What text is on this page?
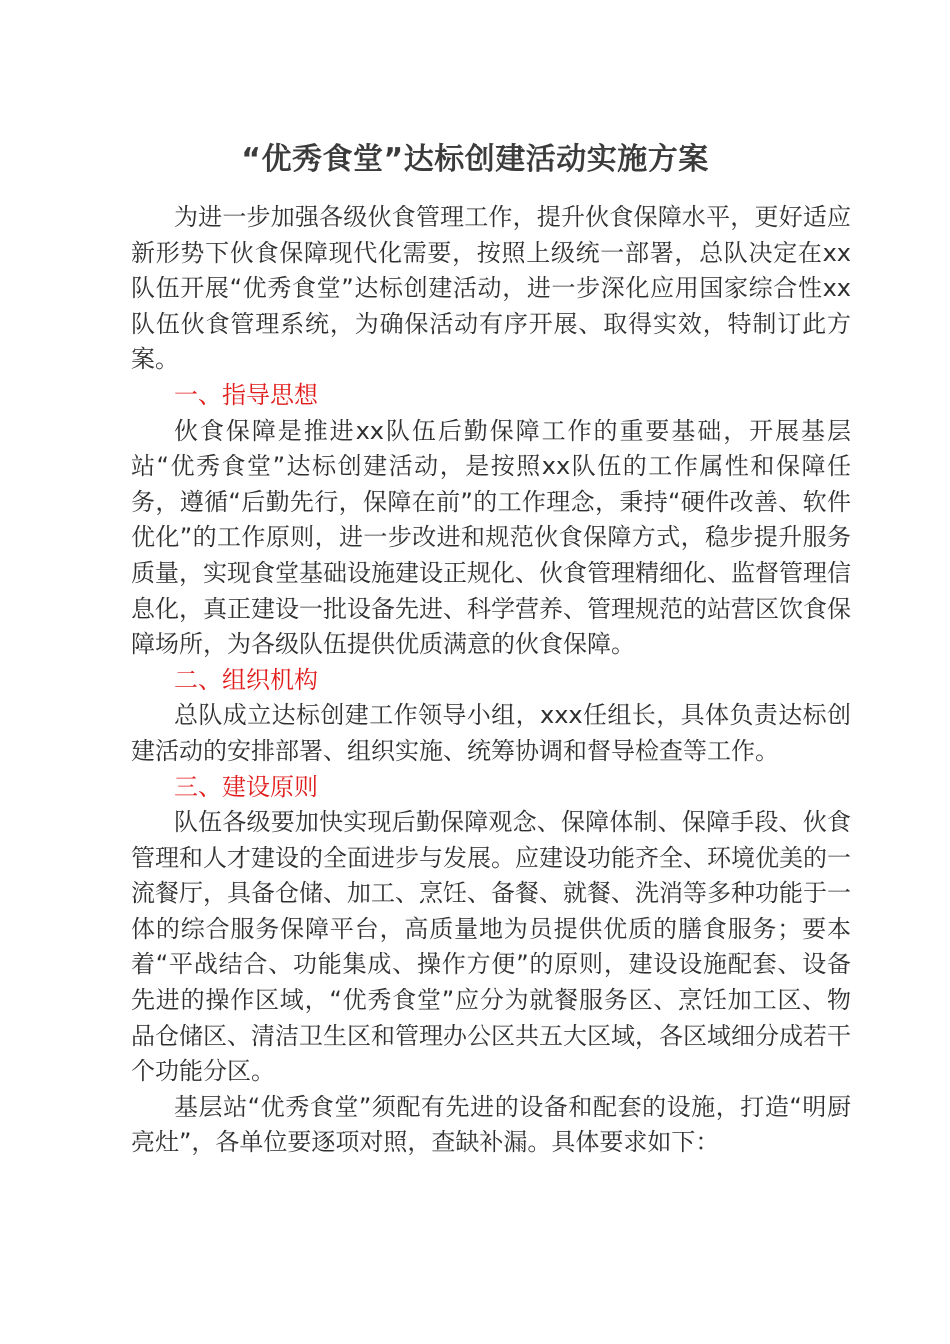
“优秀食堂”达标创建活动实施方案

为进一步加强各级伙食管理工作，提升伙食保障水平，更好适应新形势下伙食保障现代化需要，按照上级统一部署，总队决定在xx队伍开展“优秀食堂”达标创建活动，进一步深化应用国家综合性xx队伍伙食管理系统，为确保活动有序开展、取得实效，特制订此方案。

一、指导思想

伙食保障是推进xx队伍后勤保障工作的重要基础，开展基层站“优秀食堂”达标创建活动，是按照xx队伍的工作属性和保障任务，遵循“后勤先行，保障在前”的工作理念，秉持“硬件改善、软件优化”的工作原则，进一步改进和规范伙食保障方式，稳步提升服务质量，实现食堂基础设施建设正规化、伙食管理精细化、监督管理信息化，真正建设一批设备先进、科学营养、管理规范的站营区饮食保障场所，为各级队伍提供优质满意的伙食保障。

二、组织机构

总队成立达标创建工作领导小组，xxx任组长，具体负责达标创建活动的安排部署、组织实施、统筹协调和督导检查等工作。

三、建设原则

队伍各级要加快实现后勤保障观念、保障体制、保障手段、伙食管理和人才建设的全面进步与发展。应建设功能齐全、环境优美的一流餐厅，具备仓储、加工、烹饪、备餐、就餐、洗消等多种功能于一体的综合服务保障平台，高质量地为员提供优质的膳食服务；要本着“平战结合、功能集成、操作方便”的原则，建设设施配套、设备先进的操作区域，“优秀食堂”应分为就餐服务区、烹饪加工区、物品仓储区、清洁卫生区和管理办公区共五大区域，各区域细分成若干个功能分区。

基层站“优秀食堂”须配有先进的设备和配套的设施，打造“明厨亮灶”，各单位要逐项对照，查缺补漏。具体要求如下：
